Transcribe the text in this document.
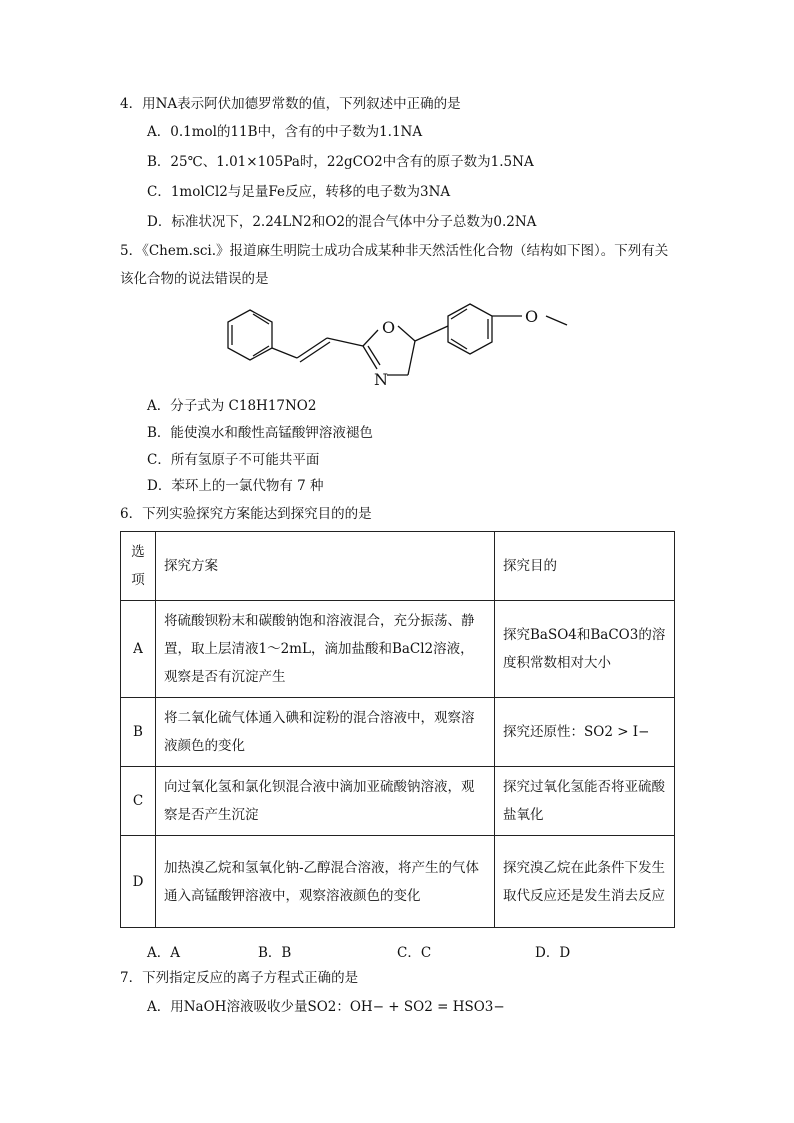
4．用NA表示阿伏加德罗常数的值，下列叙述中正确的是
A．0.1mol的11B中，含有的中子数为1.1NA
B．25℃、1.01×105Pa时，22gCO2中含有的原子数为1.5NA
C．1molCl2与足量Fe反应，转移的电子数为3NA
D．标准状况下，2.24LN2和O2的混合气体中分子总数为0.2NA
5．《Chem.sci.》报道麻生明院士成功合成某种非天然活性化合物（结构如下图）。下列有关
该化合物的说法错误的是
O
N
O
A．分子式为 C18H17NO2
B．能使溴水和酸性高锰酸钾溶液褪色
C．所有氢原子不可能共平面
D．苯环上的一氯代物有 7 种
6．下列实验探究方案能达到探究目的的是
选项	探究方案	探究目的
A	将硫酸钡粉末和碳酸钠饱和溶液混合，充分振荡、静置，取上层清液1～2mL，滴加盐酸和BaCl2溶液，观察是否有沉淀产生	探究BaSO4和BaCO3的溶度积常数相对大小
B	将二氧化硫气体通入碘和淀粉的混合溶液中，观察溶液颜色的变化	探究还原性：SO2 > I−
C	向过氧化氢和氯化钡混合液中滴加亚硫酸钠溶液，观察是否产生沉淀	探究过氧化氢能否将亚硫酸盐氧化
D	加热溴乙烷和氢氧化钠-乙醇混合溶液，将产生的气体通入高锰酸钾溶液中，观察溶液颜色的变化	探究溴乙烷在此条件下发生取代反应还是发生消去反应
A．A	B．B	C．C	D．D
7．下列指定反应的离子方程式正确的是
A．用NaOH溶液吸收少量SO2：OH− + SO2 = HSO3−
